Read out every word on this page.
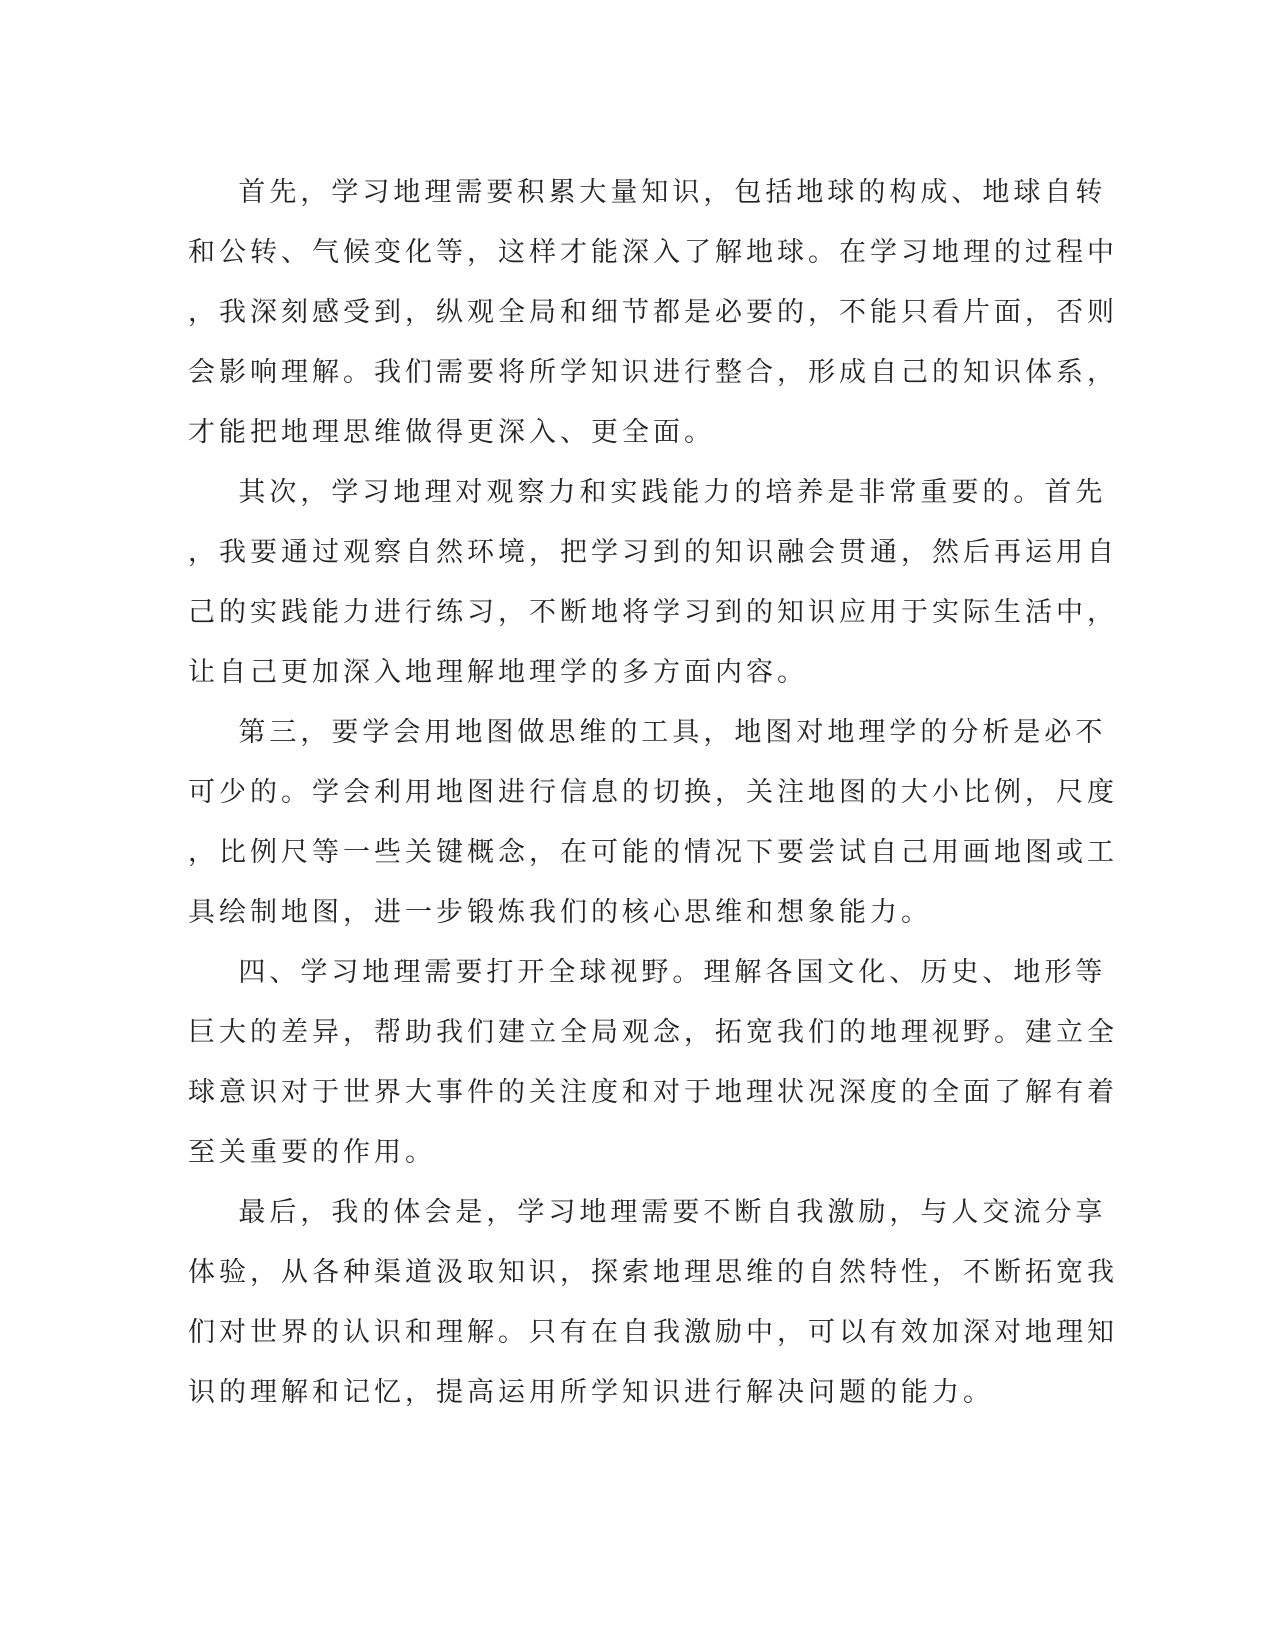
首先，学习地理需要积累大量知识，包括地球的构成、地球自转
和公转、气候变化等，这样才能深入了解地球。在学习地理的过程中
，我深刻感受到，纵观全局和细节都是必要的，不能只看片面，否则
会影响理解。我们需要将所学知识进行整合，形成自己的知识体系，
才能把地理思维做得更深入、更全面。
其次，学习地理对观察力和实践能力的培养是非常重要的。首先
，我要通过观察自然环境，把学习到的知识融会贯通，然后再运用自
己的实践能力进行练习，不断地将学习到的知识应用于实际生活中，
让自己更加深入地理解地理学的多方面内容。
第三，要学会用地图做思维的工具，地图对地理学的分析是必不
可少的。学会利用地图进行信息的切换，关注地图的大小比例，尺度
，比例尺等一些关键概念，在可能的情况下要尝试自己用画地图或工
具绘制地图，进一步锻炼我们的核心思维和想象能力。
四、学习地理需要打开全球视野。理解各国文化、历史、地形等
巨大的差异，帮助我们建立全局观念，拓宽我们的地理视野。建立全
球意识对于世界大事件的关注度和对于地理状况深度的全面了解有着
至关重要的作用。
最后，我的体会是，学习地理需要不断自我激励，与人交流分享
体验，从各种渠道汲取知识，探索地理思维的自然特性，不断拓宽我
们对世界的认识和理解。只有在自我激励中，可以有效加深对地理知
识的理解和记忆，提高运用所学知识进行解决问题的能力。
